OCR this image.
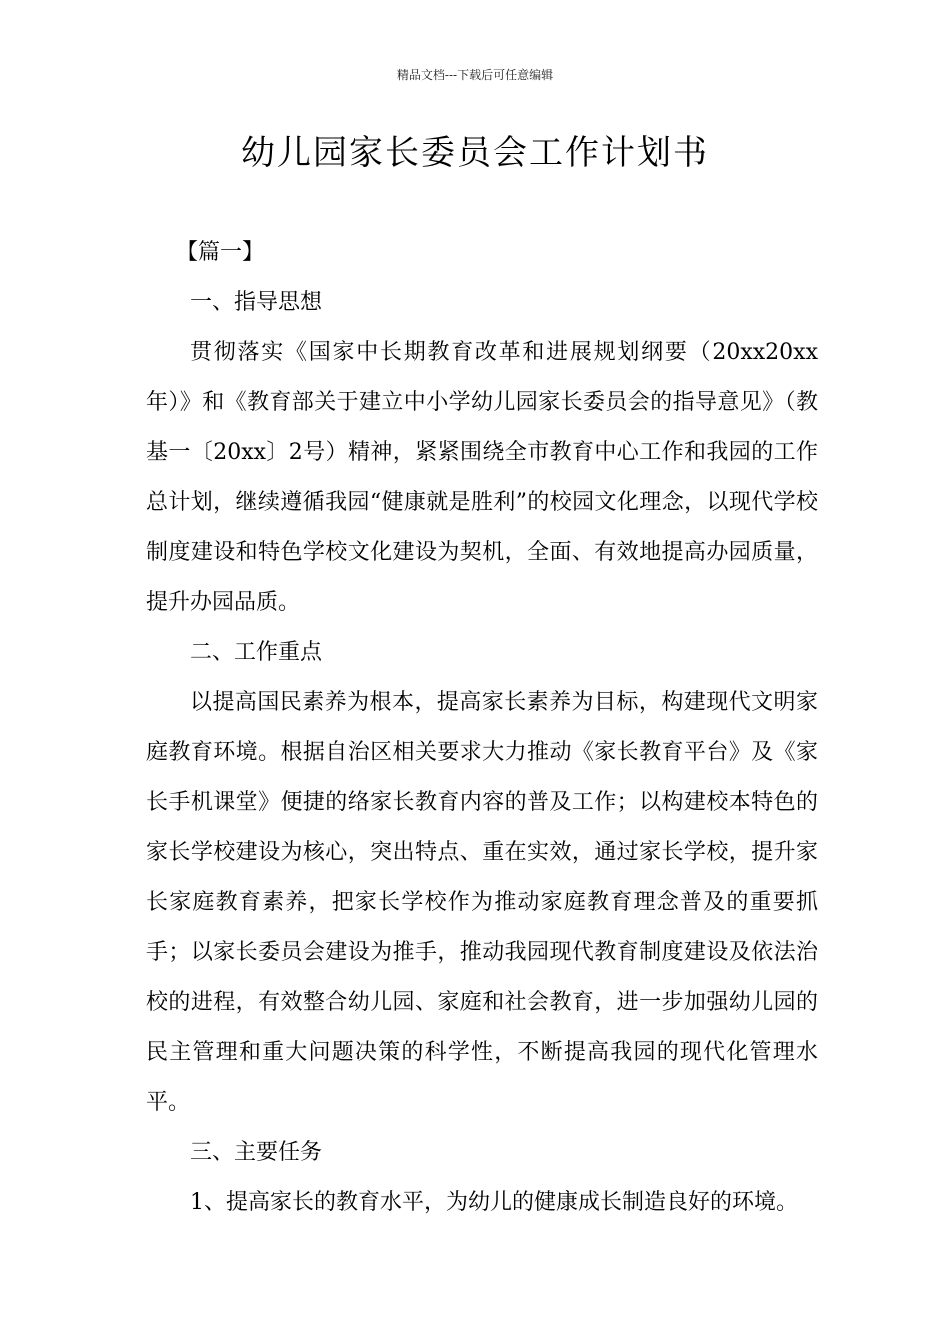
精品文档---下载后可任意编辑
幼儿园家长委员会工作计划书

【篇一】

一、指导思想

贯彻落实《国家中长期教育改革和进展规划纲要（20xx20xx年）》和《教育部关于建立中小学幼儿园家长委员会的指导意见》（教基一〔20xx〕2号）精神，紧紧围绕全市教育中心工作和我园的工作总计划，继续遵循我园“健康就是胜利”的校园文化理念，以现代学校制度建设和特色学校文化建设为契机，全面、有效地提高办园质量，提升办园品质。

二、工作重点

以提高国民素养为根本，提高家长素养为目标，构建现代文明家庭教育环境。根据自治区相关要求大力推动《家长教育平台》及《家长手机课堂》便捷的络家长教育内容的普及工作；以构建校本特色的家长学校建设为核心，突出特点、重在实效，通过家长学校，提升家长家庭教育素养，把家长学校作为推动家庭教育理念普及的重要抓手；以家长委员会建设为推手，推动我园现代教育制度建设及依法治校的进程，有效整合幼儿园、家庭和社会教育，进一步加强幼儿园的民主管理和重大问题决策的科学性，不断提高我园的现代化管理水平。

三、主要任务

1、提高家长的教育水平，为幼儿的健康成长制造良好的环境。
